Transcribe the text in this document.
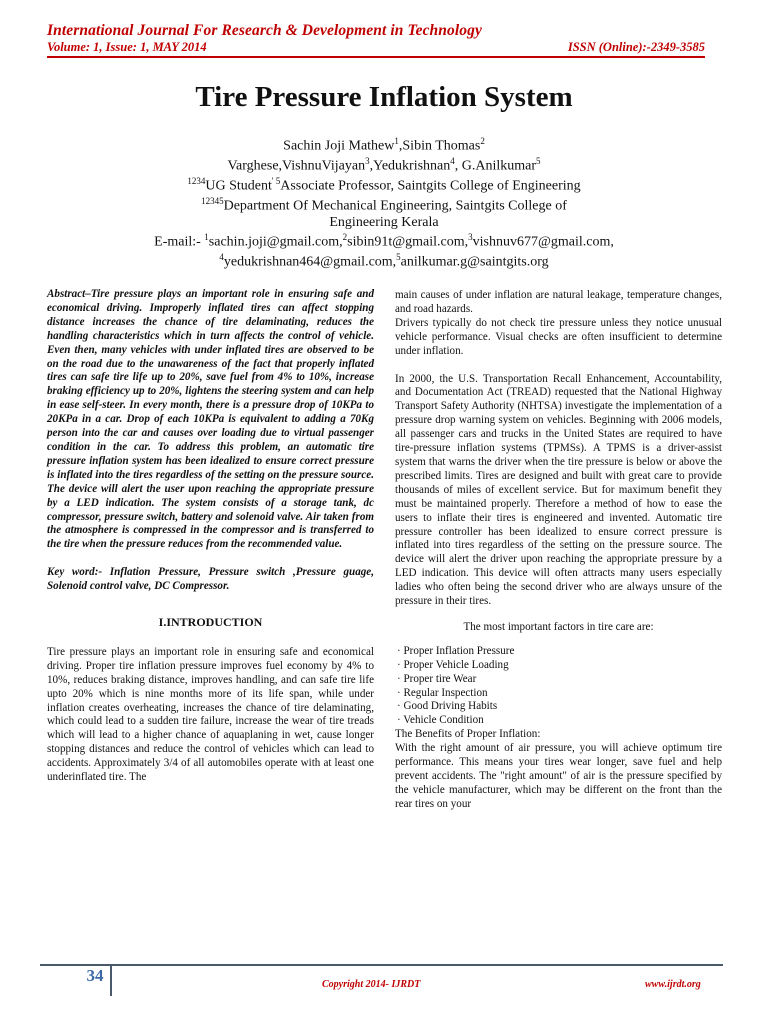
International Journal For Research & Development in Technology
Volume: 1, Issue: 1, MAY 2014	ISSN (Online):-2349-3585
Tire Pressure Inflation System
Sachin Joji Mathew$^1$,Sibin Thomas$^2$
Varghese,VishnuVijayan$^3$,Yedukrishnan$^4$, G.Anilkumar$^5$
$^{1234}$UG Student$^{' 5}$Associate Professor, Saintgits College of Engineering
$^{12345}$Department Of Mechanical Engineering, Saintgits College of
Engineering Kerala
E-mail:- $^1$sachin.joji@gmail.com,$^2$sibin91t@gmail.com,$^3$vishnuv677@gmail.com,
$^4$yedukrishnan464@gmail.com,$^5$anilkumar.g@saintgits.org

Abstract–Tire pressure plays an important role in ensuring safe and economical driving. Improperly inflated tires can affect stopping distance increases the chance of tire delaminating, reduces the handling characteristics which in turn affects the control of vehicle. Even then, many vehicles with under inflated tires are observed to be on the road due to the unawareness of the fact that properly inflated tires can safe tire life up to 20%, save fuel from 4% to 10%, increase braking efficiency up to 20%, lightens the steering system and can help in ease self-steer. In every month, there is a pressure drop of 10KPa to 20KPa in a car. Drop of each 10KPa is equivalent to adding a 70Kg person into the car and causes over loading due to virtual passenger condition in the car. To address this problem, an automatic tire pressure inflation system has been idealized to ensure correct pressure is inflated into the tires regardless of the setting on the pressure source. The device will alert the user upon reaching the appropriate pressure by a LED indication. The system consists of a storage tank, dc compressor, pressure switch, battery and solenoid valve. Air taken from the atmosphere is compressed in the compressor and is transferred to the tire when the pressure reduces from the recommended value.

Key word:- Inflation Pressure, Pressure switch ,Pressure guage, Solenoid control valve, DC Compressor.

I.INTRODUCTION

Tire pressure plays an important role in ensuring safe and economical driving. Proper tire inflation pressure improves fuel economy by 4% to 10%, reduces braking distance, improves handling, and can safe tire life upto 20% which is nine months more of its life span, while under inflation creates overheating, increases the chance of tire delaminating, which could lead to a sudden tire failure, increase the wear of tire treads which will lead to a higher chance of aquaplaning in wet, cause longer stopping distances and reduce the control of vehicles which can lead to accidents. Approximately 3/4 of all automobiles operate with at least one underinflated tire. The

main causes of under inflation are natural leakage, temperature changes, and road hazards.

Drivers typically do not check tire pressure unless they notice unusual vehicle performance. Visual checks are often insufficient to determine under inflation.

In 2000, the U.S. Transportation Recall Enhancement, Accountability, and Documentation Act (TREAD) requested that the National Highway Transport Safety Authority (NHTSA) investigate the implementation of a pressure drop warning system on vehicles. Beginning with 2006 models, all passenger cars and trucks in the United States are required to have tire-pressure inflation systems (TPMSs). A TPMS is a driver-assist system that warns the driver when the tire pressure is below or above the prescribed limits. Tires are designed and built with great care to provide thousands of miles of excellent service. But for maximum benefit they must be maintained properly. Therefore a method of how to ease the users to inflate their tires is engineered and invented. Automatic tire pressure controller has been idealized to ensure correct pressure is inflated into tires regardless of the setting on the pressure source. The device will alert the driver upon reaching the appropriate pressure by a LED indication. This device will often attracts many users especially ladies who often being the second driver who are always unsure of the pressure in their tires.

The most important factors in tire care are:
· Proper Inflation Pressure
· Proper Vehicle Loading
· Proper tire Wear
· Regular Inspection
· Good Driving Habits
· Vehicle Condition

The Benefits of Proper Inflation:

With the right amount of air pressure, you will achieve optimum tire performance. This means your tires wear longer, save fuel and help prevent accidents. The "right amount" of air is the pressure specified by the vehicle manufacturer, which may be different on the front than the rear tires on your

34	Copyright 2014- IJRDT	www.ijrdt.org
